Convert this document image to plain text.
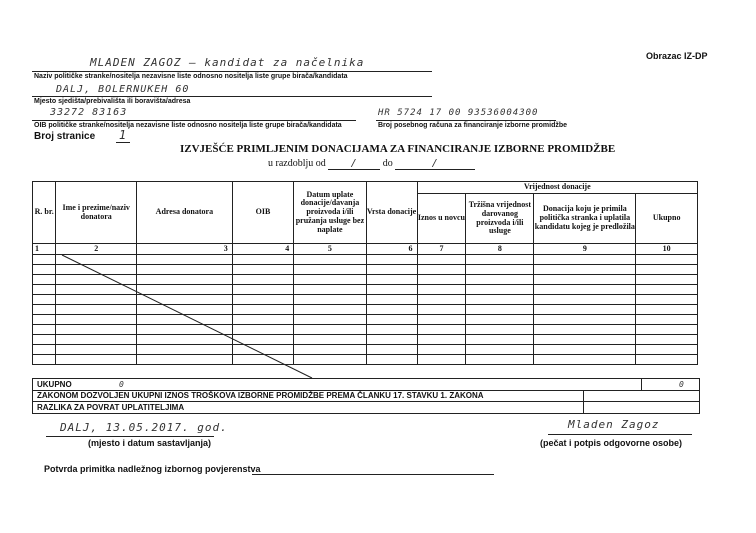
Obrazac IZ-DP
MLADEN ZAGOZ – kandidat za načelnika
Naziv političke stranke/nositelja nezavisne liste odnosno nositelja liste grupe birača/kandidata
DALJ, BOLERNUKEH 60
Mjesto sjedišta/prebivališta ili boravišta/adresa
33272 83163
OIB političke stranke/nositelja nezavisne liste odnosno nositelja liste grupe birača/kandidata
HR 5724 17 00 93536004300
Broj posebnog računa za financiranje izborne promidžbe
Broj stranice 1
IZVJEŠĆE PRIMLJENIM DONACIJAMA ZA FINANCIRANJE IZBORNE PROMIDŽBE
u razdoblju od / do	/
R. br.	Ime i prezime/naziv donatora	Adresa donatora	OIB	Datum uplate donacije/davanja proizvoda i/ili pružanja usluge bez naplate	Vrsta donacije	Vrijednost donacije			
						Iznos u novcu	Tržišna vrijednost darovanog proizvoda i/ili usluge	Donacija koju je primila politička stranka i uplatila kandidatu kojeg je predložila	Ukupno
1	2	3	4	5	6	7	8	9	10

UKUPNO	0	0
ZAKONOM DOZVOLJEN UKUPNI IZNOS TROŠKOVA IZBORNE PROMIDŽBE PREMA ČLANKU 17. STAVKU 1. ZAKONA
RAZLIKA ZA POVRAT UPLATITELJIMA
DALJ, 13.05.2017. god.
(mjesto i datum sastavljanja)
Mladen Zagoz
(pečat i potpis odgovorne osobe)
Potvrda primitka nadležnog izbornog povjerenstva
